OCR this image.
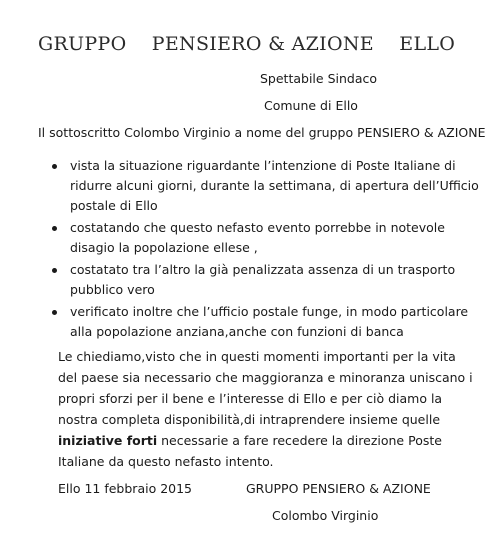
GRUPPO    PENSIERO & AZIONE    ELLO
Spettabile Sindaco
Comune di Ello
Il sottoscritto Colombo Virginio a nome del gruppo PENSIERO & AZIONE
vista la situazione riguardante l’intenzione di Poste Italiane di ridurre alcuni giorni, durante la settimana, di apertura dell’Ufficio postale di Ello
costatando che questo nefasto evento porrebbe in notevole disagio la popolazione ellese ,
costatato tra l’altro la già penalizzata assenza di un trasporto pubblico vero
verificato inoltre che l’ufficio postale funge, in modo particolare alla popolazione anziana,anche con funzioni di banca
Le chiediamo,visto che in questi momenti importanti per la vita del paese sia necessario che maggioranza e minoranza uniscano i propri sforzi per il bene e l’interesse di Ello e per ciò diamo la nostra completa disponibilità,di intraprendere insieme quelle iniziative forti necessarie a fare recedere la direzione Poste Italiane da questo nefasto intento.
Ello 11 febbraio 2015	GRUPPO PENSIERO & AZIONE
Colombo Virginio
